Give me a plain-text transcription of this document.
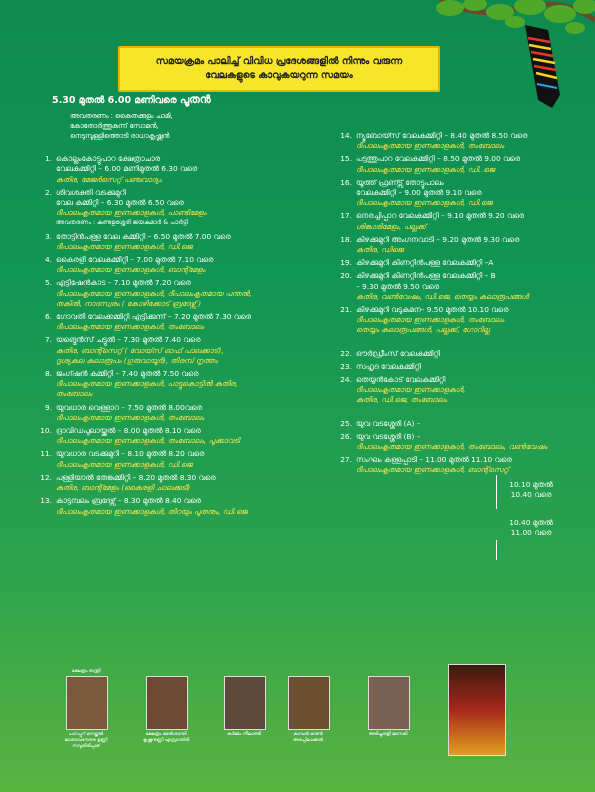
സമയക്രമം പാലിച്ച് വിവിധ പ്രദേശങ്ങളിൽ നിന്നും വരുന്ന
വേലകളുടെ കാവുകയറുന്ന സമയം
5.30 മുതൽ 6.00 മണിവരെ പൂതൻ
അവതരണം : കൈതക്കുളം ചാമി,
കോതോർത്തുകുന്ന് സോമൻ,
നെടുമ്പുള്ളിത്തൊടി രാധാകൃഷ്ണൻ
1. കൊല്ലംകോട്ടുപാറ ക്ഷേത്രാചാര
വേലകമ്മിറ്റി – 6.00 മണിമുതൽ 6.30 വരെ
കുതിര, മേജർസെറ്റ് പഞ്ചവാദ്യം
2. ശിവശക്തി വടക്കുമുറി
വേല കമ്മിറ്റി – 6.30 മുതൽ 6.50 വരെ
ദീപാലംകൃതമായ ഇണക്കാളകൾ, പാണ്ടിമേളം
അവതരണം : കുണ്ടളശ്ശേരി ജയകുമാർ & പാർട്ടി
3. തോട്ടിൻപള്ള വേല കമ്മിറ്റി – 6.50 മുതൽ 7.00 വരെ
ദീപാലംകൃതമായ ഇണക്കാളകൾ, ഡി.ജെ
4. കൈരളി വേലകമ്മിറ്റി – 7.00 മുതൽ 7.10 വരെ
ദീപാലംകൃതമായ ഇണക്കാളകൾ, ബാന്റ്മേളം
5. എട്ടിഷേൻകാട – 7.10 മുതൽ 7.20 വരെ
ദീപാലംകൃതമായ ഇണക്കാളകൾ, ദീപാലംകൃതമായ പന്തൽ,
തകിൽ, നാദസ്വരം ( കോഴിക്കോട് ബ്രദേഴ്സ് )
6. ഗോവതി വേലക്കമ്മിറ്റി എട്ടിക്കുന്ന് – 7.20 മുതൽ 7.30 വരെ
ദീപാലംകൃതമായ ഇണക്കാളകൾ, തംബോലം
7. യങ്മെൻസ് ചട്ടുൽ – 7.30 മുതൽ 7.40 വരെ
കുതിര, ബാന്റ്സെറ്റ് ( വോയ്സ് ഓഫ് പാലക്കാട്),
ദൃശ്യകല കലാരൂപം (ഗുരുവായൂർ), തിരമ്പ് നൃത്തം
8. ജംഗ്ഷൻ കമ്മിറ്റി – 7.40 മുതൽ 7.50 വരെ
ദീപാലംകൃതമായ ഇണക്കാളകൾ, പാട്ടുകൊട്ടിൽ കുതിര,
തംബോലം
9. യുവധാര വെള്ളാറ – 7.50 മുതൽ 8.00വരെ
ദീപാലംകൃതമായ ഇണക്കാളകൾ, തംബോലം
10. ദ്രാവിഡപുലായ്ക്കൽ – 8.00 മുതൽ 8.10 വരെ
ദീപാലംകൃതമായ ഇണക്കാളകൾ, തംബോലം, പൂക്കാവടി
11. യുവധാര വടക്കുമുറി – 8.10 മുതൽ 8.20 വരെ
ദീപാലംകൃതമായ ഇണക്കാളകൾ, ഡി.ജെ
12. പള്ളിയാൽ തേങ്കമ്മിറ്റി – 8.20 മുതൽ 8.30 വരെ
കുതിര, ബാന്റ്മേളം (കൈരളി ചാലക്കുടി)
13. കാട്ടമ്പലം ബ്രദേഴ്സ് – 8.30 മുതൽ 8.40 വരെ
ദീപാലംകൃതമായ ഇണക്കാളകൾ, തിറയും പൂതനും, ഡി.ജെ
14. ന്യൂബോയ്സ് വേലകമ്മിറ്റി – 8.40 മുതൽ 8.50 വരെ
ദീപാലംകൃതമായ ഇണക്കാളകൾ, തംബോലം
15. പട്ടത്തുപാറ വേലകമ്മിറ്റി – 8.50 മുതൽ 9.00 വരെ
ദീപാലംകൃതമായ ഇണക്കാളകൾ, ഡി..ജെ
16. യൂത്ത് ഫ്രണ്ട്സ് തോട്ടുപാലം
വേലകമ്മിറ്റി – 9.00 മുതൽ 9.10 വരെ
ദീപാലംകൃതമായ ഇണക്കാളകൾ, ഡി.ജെ
17. നെരച്ചിപ്പാറ വേലകമ്മിറ്റി – 9.10 മുതൽ 9.20 വരെ
ശിങ്കാരിമേളം, പല്ലക്ക്
18. കിഴക്കുമുറി അംഗനവാടി – 9.20 മുതൽ 9.30 വരെ
കുതിര, ഡിജെ
19. കിഴക്കുമുറി കിണറ്റിൻപള്ള വേലകമ്മിറ്റി –A
20. കിഴക്കുമുറി കിണറ്റിൻപള്ള വേലകമ്മിറ്റി – B
– 9.30 മുതൽ 9.50 വരെ
കുതിര, വൺവേഷം, ഡി.ജെ, തെയ്യം കലാരൂപങ്ങൾ
21. കിഴക്കുമുറി വടുകമന– 9.50 മുതൽ 10.10 വരെ
ദീപാലംകൃതമായ ഇണക്കാളകൾ, തംബോലം
തെയ്യം കലാരൂപങ്ങൾ, പല്ലക്ക്, ഗോറില്ല
22. ഔർഡ്രീംസ് വേലകമ്മിറ്റി
23. സഹൃദ വേലകമ്മിറ്റി
24. തെയ്യൻകോട് വേലകമ്മിറ്റി
ദീപാലംകൃതമായ ഇണക്കാളകൾ,
കുതിര, ഡി.ജെ, തംബോലം
25. യുവ വടശ്ശേരി (A) –
26. യുവ വടശ്ശേരി (B) –
ദീപാലംകൃതമായ ഇണക്കാളകൾ, തംബോലം, വൺവേഷം
27. സംഘം കള്ളപ്പാടി – 11.00 മുതൽ 11.10 വരെ
ദീപാലംകൃതമായ ഇണക്കാളകൾ, ബാന്റ്സെറ്റ്
10.10 മുതൽ
10.40 വരെ
10.40 മുതൽ
11.00 വരെ
ക്ഷേത്രം തന്ത്രി
പാറപ്പുറ് മനയ്ക്കൽ ജാതവേദനതര ഉണ്ണി നമ്പൂതിരിപ്പാട്
ക്ഷേത്രം മേൽശാന്തി കൃഷ്ണനുണ്ണി എമ്പ്രാന്തിരി
കർമ്മം നീലാണ്ടി	കാവൽ മാടൻ അടപ്പിലാക്കൽ
അടിച്ചുതളി ജാനകി
